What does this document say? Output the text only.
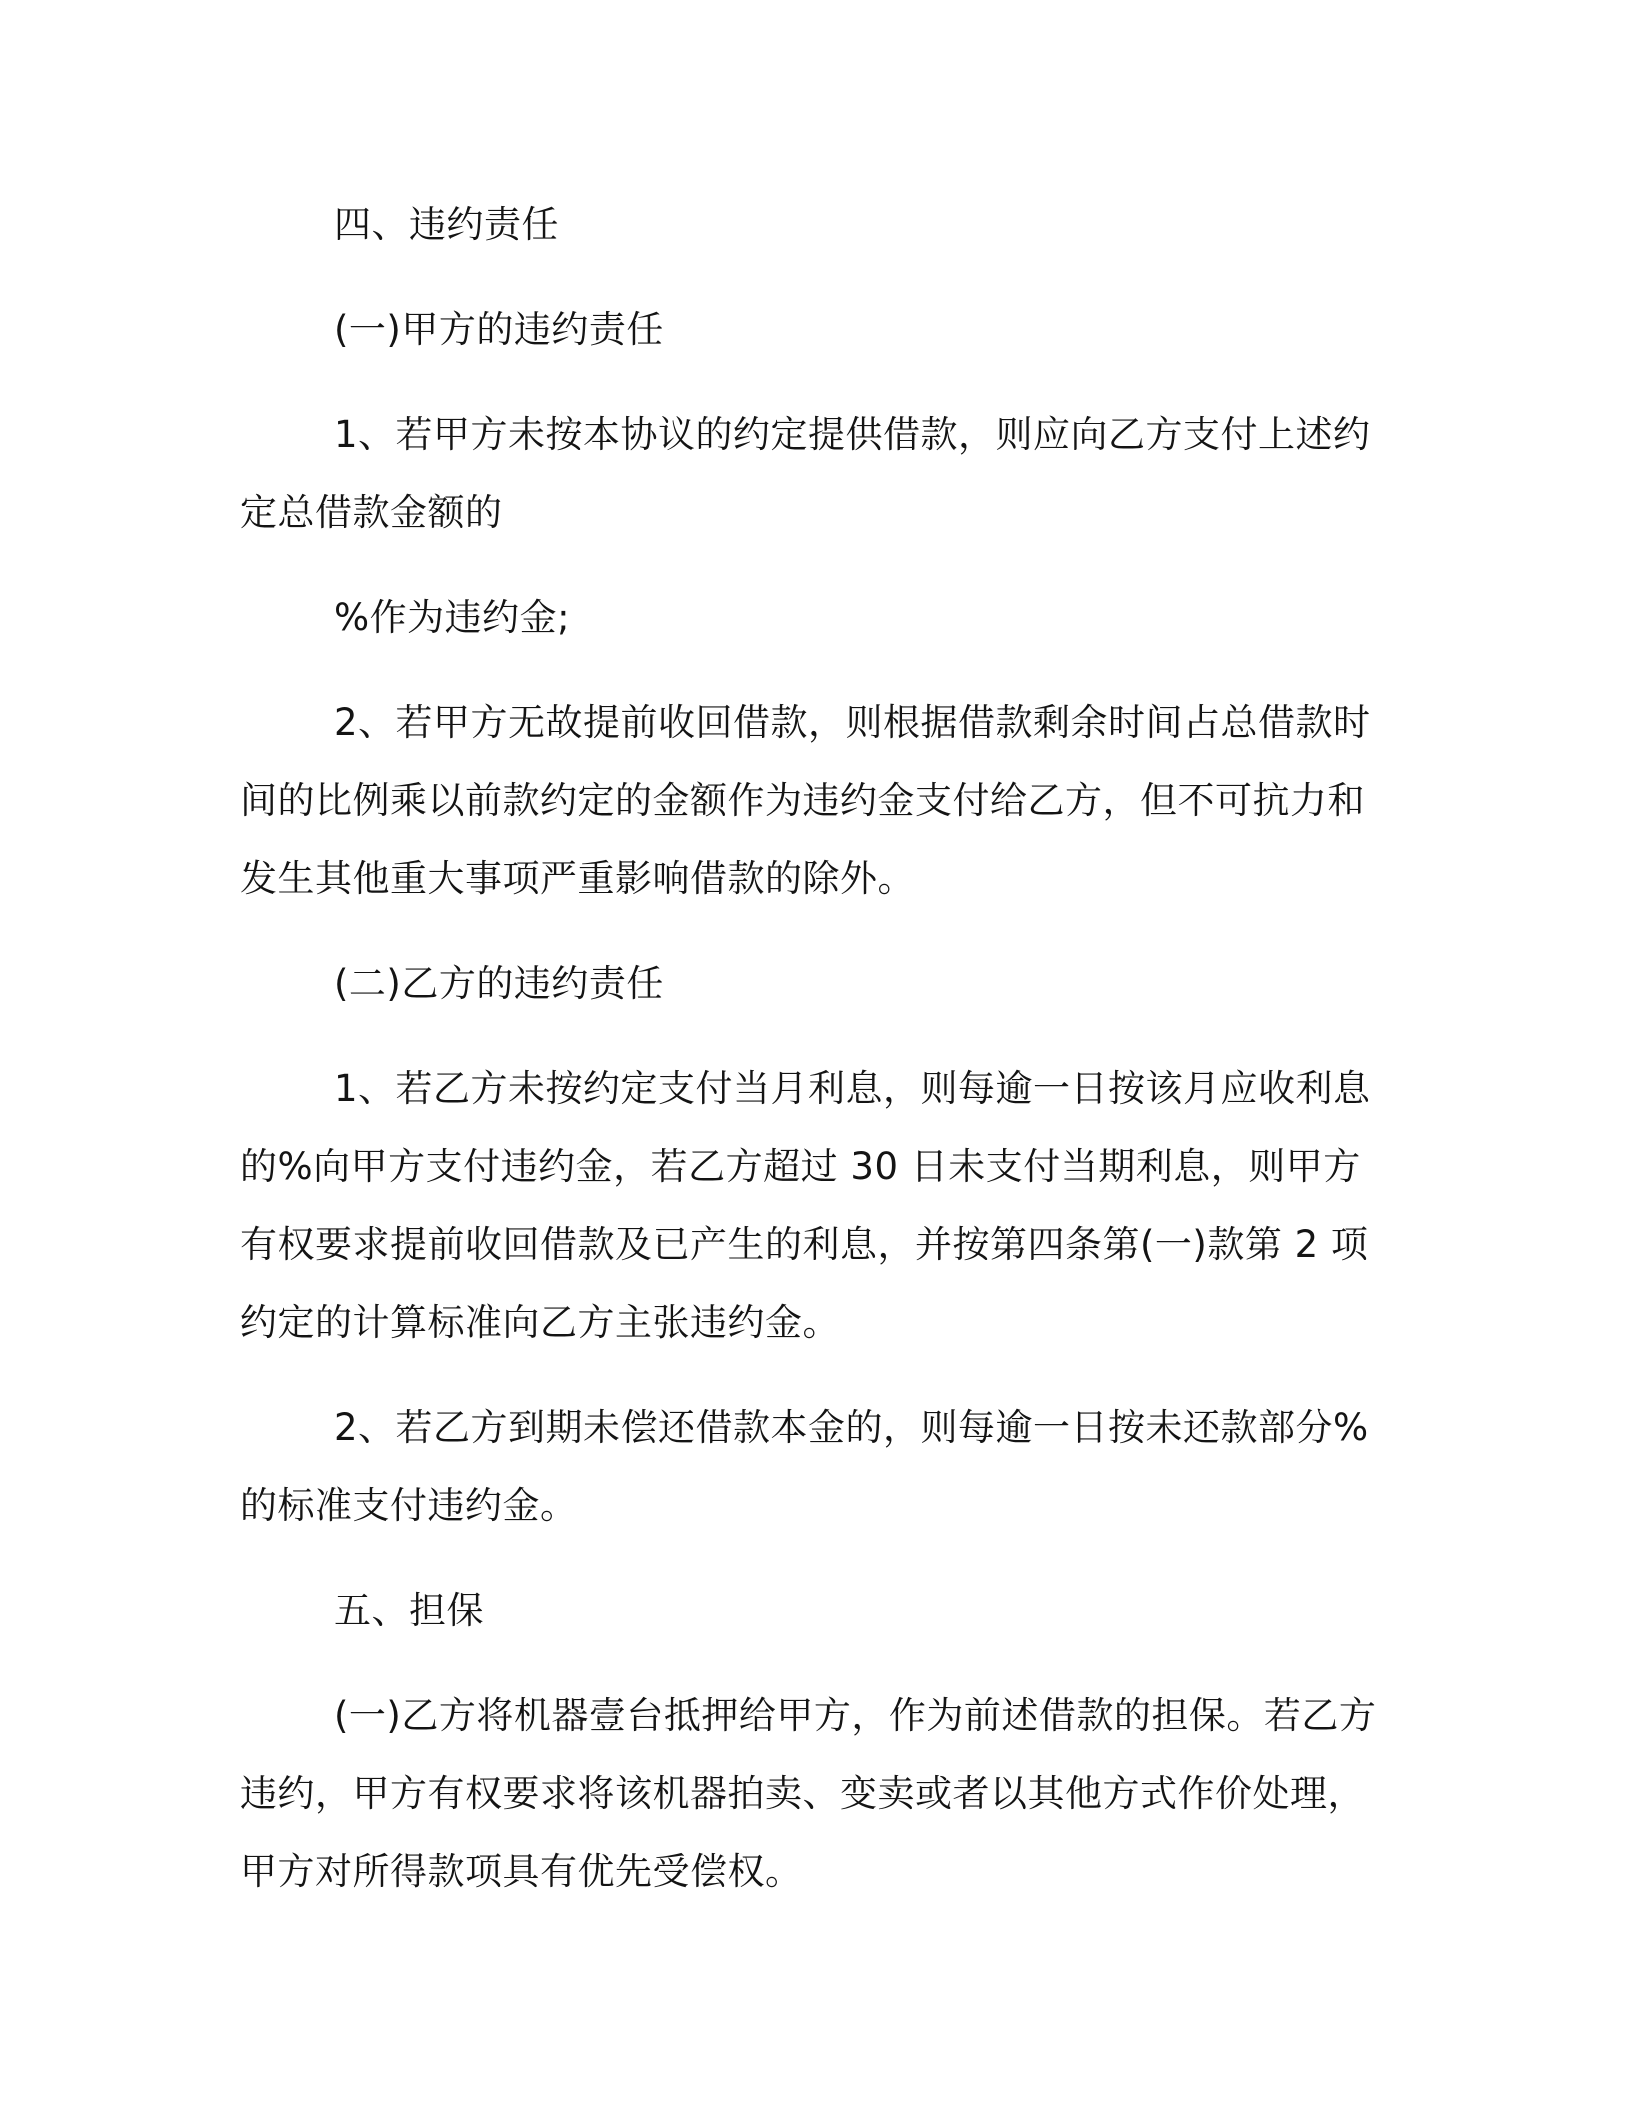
四、违约责任

(一)甲方的违约责任

1、若甲方未按本协议的约定提供借款，则应向乙方支付上述约定总借款金额的

%作为违约金;

2、若甲方无故提前收回借款，则根据借款剩余时间占总借款时间的比例乘以前款约定的金额作为违约金支付给乙方，但不可抗力和发生其他重大事项严重影响借款的除外。

(二)乙方的违约责任

1、若乙方未按约定支付当月利息，则每逾一日按该月应收利息的%向甲方支付违约金，若乙方超过 30 日未支付当期利息，则甲方有权要求提前收回借款及已产生的利息，并按第四条第(一)款第 2 项约定的计算标准向乙方主张违约金。

2、若乙方到期未偿还借款本金的，则每逾一日按未还款部分%的标准支付违约金。

五、担保

(一)乙方将机器壹台抵押给甲方，作为前述借款的担保。若乙方违约，甲方有权要求将该机器拍卖、变卖或者以其他方式作价处理，甲方对所得款项具有优先受偿权。
